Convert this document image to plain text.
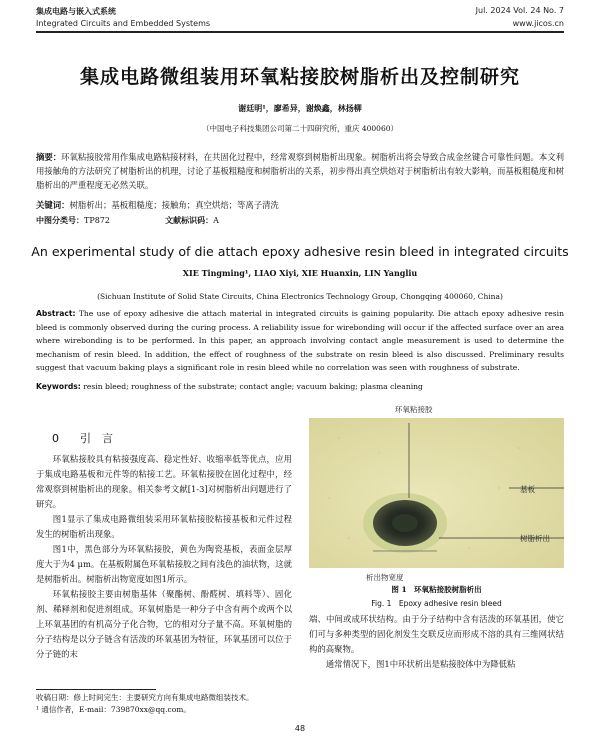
集成电路与嵌入式系统
Integrated Circuits and Embedded Systems
Jul. 2024 Vol. 24 No. 7
www.jicos.cn
集成电路微组装用环氧粘接胶树脂析出及控制研究
谢廷明¹，廖希异，谢焕鑫，林扬柳
（中国电子科技集团公司第二十四研究所，重庆 400060）
摘要：环氧粘接胶常用作集成电路粘接材料，在共固化过程中，经常观察到树脂析出现象。树脂析出将会导致合成金丝键合可靠性问题。本文利用接触角的方法研究了树脂析出的机理，讨论了基板粗糙度和树脂析出的关系，初步得出真空烘焙对于树脂析出有较大影响，而基板粗糙度和树脂析出的严重程度无必然关联。
关键词：树脂析出；基板粗糙度；接触角；真空烘焙；等离子清洗
中图分类号：TP872	文献标识码：A
An experimental study of die attach epoxy adhesive resin bleed in integrated circuits
XIE Tingming¹, LIAO Xiyi, XIE Huanxin, LIN Yangliu
(Sichuan Institute of Solid State Circuits, China Electronics Technology Group, Chongqing 400060, China)
Abstract: The use of epoxy adhesive die attach material in integrated circuits is gaining popularity. Die attach epoxy adhesive resin bleed is commonly observed during the curing process. A reliability issue for wirebonding will occur if the affected surface over an area where wirebonding is to be performed. In this paper, an approach involving contact angle measurement is used to determine the mechanism of resin bleed. In addition, the effect of roughness of the substrate on resin bleed is also discussed. Preliminary results suggest that vacuum baking plays a significant role in resin bleed while no correlation was seen with roughness of substrate.
Keywords: resin bleed; roughness of the substrate; contact angle; vacuum baking; plasma cleaning
0 引　言

环氧粘接胶具有粘接强度高、稳定性好、收缩率低等优点，应用于集成电路基板和元件等的粘接工艺。环氧粘接胶在固化过程中，经常观察到树脂析出的现象。相关参考文献[1-3]对树脂析出问题进行了研究。

图1显示了集成电路微组装采用环氧粘接胶粘接基板和元件过程发生的树脂析出现象。

图1中，黑色部分为环氧粘接胶，黄色为陶瓷基板，表面金层厚度大于为4 μm。在基板附属色环氧粘接胶之间有浅色的油状物，这就是树脂析出。树脂析出物宽度如图1所示。

环氧粘接胶主要由树脂基体（聚酯树、酚醛树、填料等）、固化剂、稀释剂和促进剂组成。环氧树脂是一种分子中含有两个或两个以上环氧基团的有机高分子化合物，它的相对分子量不高。环氧树脂的分子结构是以分子链含有活泼的环氧基团为特征，环氧基团可以位于分子链的末

环氧粘接胶
基板
树脂析出
析出物宽度
图 1　环氧粘接胶树脂析出
Fig. 1　Epoxy adhesive resin bleed

端、中间或成环状结构。由于分子结构中含有活泼的环氧基团，使它们可与多种类型的固化剂发生交联反应而形成不溶的具有三维网状结构的高聚物。

通常情况下，图1中环状析出是粘接胶体中为降低粘

收稿日期：修上时间完生：主要研究方向有集成电路微组装技术。
¹ 通信作者，E-mail：739870xx@qq.com。
48
